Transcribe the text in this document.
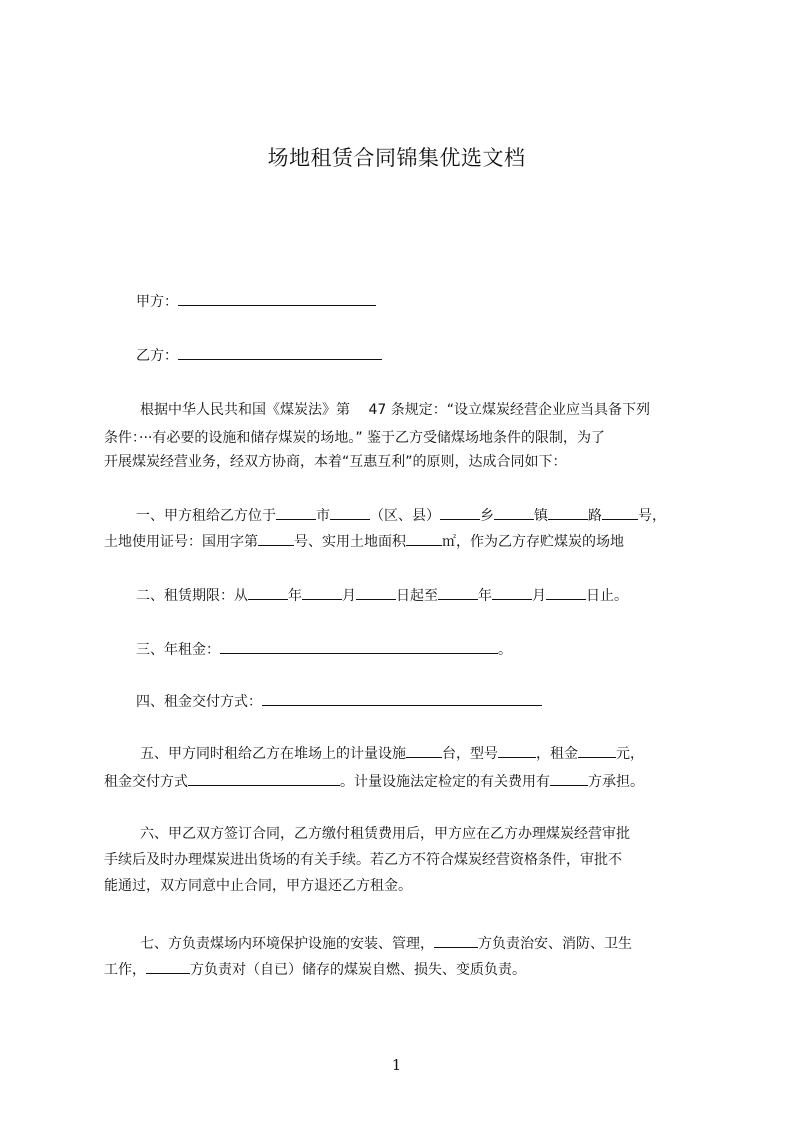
场地租赁合同锦集优选文档
甲方：
乙方：
根据中华人民共和国《煤炭法》第　 47 条规定：“设立煤炭经营企业应当具备下列
条件：···有必要的设施和储存煤炭的场地。” 鉴于乙方受储煤场地条件的限制，为了
开展煤炭经营业务，经双方协商，本着“互惠互利”的原则，达成合同如下：
一、甲方租给乙方位于	市	（区、县）	乡	镇	路	号，
土地使用证号：国用字第	号、实用土地面积	㎡，作为乙方存贮煤炭的场地
二、租赁期限：从	年	月	日起至	年	月	日止。
三、年租金：	。
四、租金交付方式：
五、甲方同时租给乙方在堆场上的计量设施	台，型号	，租金	元，
租金交付方式	。计量设施法定检定的有关费用有	方承担。
六、甲乙双方签订合同，乙方缴付租赁费用后，甲方应在乙方办理煤炭经营审批
手续后及时办理煤炭进出货场的有关手续。若乙方不符合煤炭经营资格条件，审批不
能通过，双方同意中止合同，甲方退还乙方租金。
七、方负责煤场内环境保护设施的安装、管理，	方负责治安、消防、卫生
工作，	方负责对（自已）储存的煤炭自燃、损失、变质负责。
1
